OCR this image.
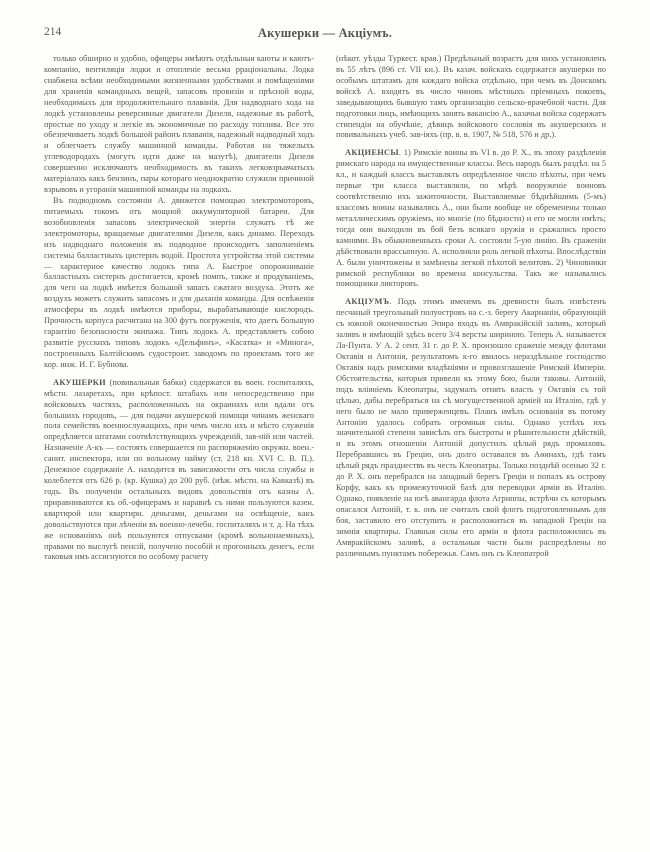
214	Акушерки — Акціумъ.

только обширно и удобно, офицеры имѣютъ отдѣльныя каюты и каютъ-компанію, вентиляція лодки и отопленіе весьма рраціональны. Лодка снабжена всѣми необходимыми жизненными удобствами и помѣщеніями для храненія командныхъ вещей, запасовъ провизіи и прѣсной воды, необходимыхъ для продолжительнаго плаванія. Для надводнаго хода на лодкѣ установлены реверсивные двигатели Дизеля, надежные въ работѣ, простые по уходу и легкіе въ экономичные по расходу топлива. Все это обезпечиваетъ лодкѣ большой районъ плаванія, надежный надводный ходъ и облегчаетъ службу машинной команды. Работая на тяжелыхъ углеводородахъ (могутъ идти даже на мазутѣ), двигатели Дизеля совершенно исключаютъ необходимость въ такихъ легковзрывчатыхъ матеріалахъ какъ бензинъ, пары котораго неоднократно служили причиной взрывовъ и угоранія машинной команды на лодкахъ.

Въ подводномъ состояніи А. движется помощью электромоторовъ, питаемыхъ токомъ отъ мощной аккумуляторной батареи. Для возобновленія запасовъ электрической энергіи служатъ тѣ же электромоторы, вращаемые двигателями Дизеля, какъ динамо. Переходъ изъ надводнаго положенія въ подводное происходитъ заполненіемъ системы балластныхъ цистернъ водой. Простота устройства этой системы — характерное качество лодокъ типа А. Быстрое опорожниваніе балластныхъ систернъ достигается, кромѣ помпъ, также и продуваніемъ, для чего на лодкѣ имѣется большой запасъ сжатаго воздуха. Этотъ же воздухъ можетъ служить запасомъ и для дыханія команды. Для освѣженія атмосферы въ лодкѣ имѣются приборы, вырабатывающіе кислородъ. Прочность корпуса расчитана на 300 футъ погруженія, что даетъ большую гарантію безопасности экипажа. Типъ лодокъ А. представляетъ собою развитіе русскихъ типовъ лодокъ «Дельфинъ», «Касатка» и «Минога», построенныхъ Балтійскимъ судостроит. заводомъ по проектамъ того же кор. инж. И. Г. Бубнова.

АКУШЕРКИ (повивальныя бабки) содержатся въ воен. госпиталяхъ, мѣстн. лазаретахъ, при крѣпост. штабахъ или непосредственно при войсковыхъ частяхъ, расположенныхъ на окраинахъ или вдали отъ большихъ городовъ, — для подачи акушерской помощи чинамъ женскаго пола семействъ военнослужащихъ, при чемъ число ихъ и мѣсто служенія опредѣляется штатами соотвѣтствующихъ учрежденій, зав-ній или частей. Назначеніе А-къ — состоять совершается по распоряженію окружн. воен.-санит. инспектора, или по вольному найму (ст. 218 кн. XVI С. В. П.). Денежное содержаніе А. находится въ зависимости отъ числа службы и колеблется отъ 626 р. (кр. Кушка) до 200 руб. (иѣж. мѣстн. на Кавказѣ) въ годъ. Въ полученіи остальныхъ видовъ довольствія отъ казны А. приравниваются къ об.-офицерамъ и наравнѣ съ ними пользуются казен. квартирой или квартирн. деньгами, деньгами на освѣщеніе, какъ довольствуются при лѣченіи въ военно-лечебн. госпиталяхъ и т. д. На тѣхъ же основаніяхъ онѣ пользуются отпусками (кромѣ вольнонаемныхъ), правами по выслугѣ пенсій, получено пособій и прогонныхъ денегъ, если таковыя имъ ассигнуются по особому расчету

(нѣкот. уѣзды Туркест. края.) Предѣльный возрастъ для нихъ установленъ въ 55 лѣтъ (896 ст. VII кн.). Въ казач. войскахъ содержатся акушерки по особымъ штатамъ для каждаго войска отдѣльно, при чемъ въ Донскомъ войскѣ А. входятъ въ число чиновъ мѣстныхъ прiемныхъ покоевъ, заведывающихъ бывшую тамъ организацію сельско-врачебной части. Для подготовки лицъ, имѣющихъ занять вакансію А., казачьи войска содержатъ стипендіи на обучѣніе, дѣвицъ войскового сословія въ акушерскихъ и повивальныхъ учеб. зав-іяхъ (пр. в. в. 1907, № 518, 576 и др.).

АКЦИЕНСЫ. 1) Римскіе воины въ VI в. до Р. Х., въ эпоху раздѣленія римскаго народа на имущественные классы. Весь народъ былъ раздѣл. на 5 кл., и каждый классъ выставлялъ опредѣленное число пѣхоты, при чемъ первые три класса выставляли, по мѣрѣ вооруженіе воиновъ соотвѣтственно ихъ зажиточности. Выставляемые бѣднѣйшимъ (5-мъ) классомъ воины назывались А., они были вообще не обременены только металлическимъ оружіемъ, но многіе (по бѣдности) и его не могли имѣть; тогда они выходили въ бой безъ всякаго оружія и сражались просто камнями. Въ обыкновенныхъ сроки А. состояли 5-ую линію. Въ сраженіи дѣйствовали врассыпную. А. исполняли роль легкой пѣхоты. Впослѣдствіи А. были уничтожены и замѣнены легкой пѣхотой велитовъ. 2) Чиновники римской республики во времена консульства. Такъ же назывались помощники ликторовъ.

АКЦІУМЪ. Подъ этимъ именемъ въ древности былъ извѣстенъ песчаный треугольный полуостровъ на с.-з. берегу Акарнаніи, образующій съ южной оконечностью Эпира входъ въ Амвракійскій заливъ, который заливъ и имѣющій здѣсь всего 3/4 версты шириною. Теперь А. называется Ла-Пунта. У А. 2 сент. 31 г. до Р. Х. произошло сраженіе между флотами Октавія и Антонія, результатомъ к-го явилось нераздѣльное господство Октавія надъ римскими владѣніями и провозглашеніе Римской Имперіи. Обстоятельства, которыя привели къ этому бою, были таковы. Антоній, подъ вліяніемъ Клеопатры, задумалъ отнять власть у Октавія съ той цѣлью, дабы перебраться на сѣ могущественной армiей на Италiю, гдѣ у него было не мало приверженцевъ. Планъ имѣлъ основанія въ потому Антонію удалось собрать огромныя силы. Однако успѣхъ ихъ значительной степени зависѣлъ отъ быстроты и рѣшительности дѣйствій, и въ этомъ отношеніи Антоній допустилъ цѣлый рядъ промаховъ. Перебравшись въ Грецію, онъ долго оставался въ Аѳинахъ, гдѣ тамъ цѣлый рядъ празднествъ въ честь Клеопатры. Только позднѣй осенью 32 г. до Р. Х. онъ перебрался на западный берегъ Греціи и попалъ къ острову Корфу, какъ къ промежуточной базѣ для переводки арміи въ Италію. Однако, появленіе на югѣ авангарда флота Агриппы, встрѣчи съ которымъ опасался Антоній, т. к. онъ не считалъ свой флотъ подготовленнымъ для боя, заставило его отступить и расположиться въ западной Греціи на зимнія квартиры. Главныя силы его арміи и флота расположились въ Амвракійскомъ заливѣ, а остальныя части были распредѣлены по различнымъ пунктамъ побережья. Самъ онъ съ Клеопатрой
